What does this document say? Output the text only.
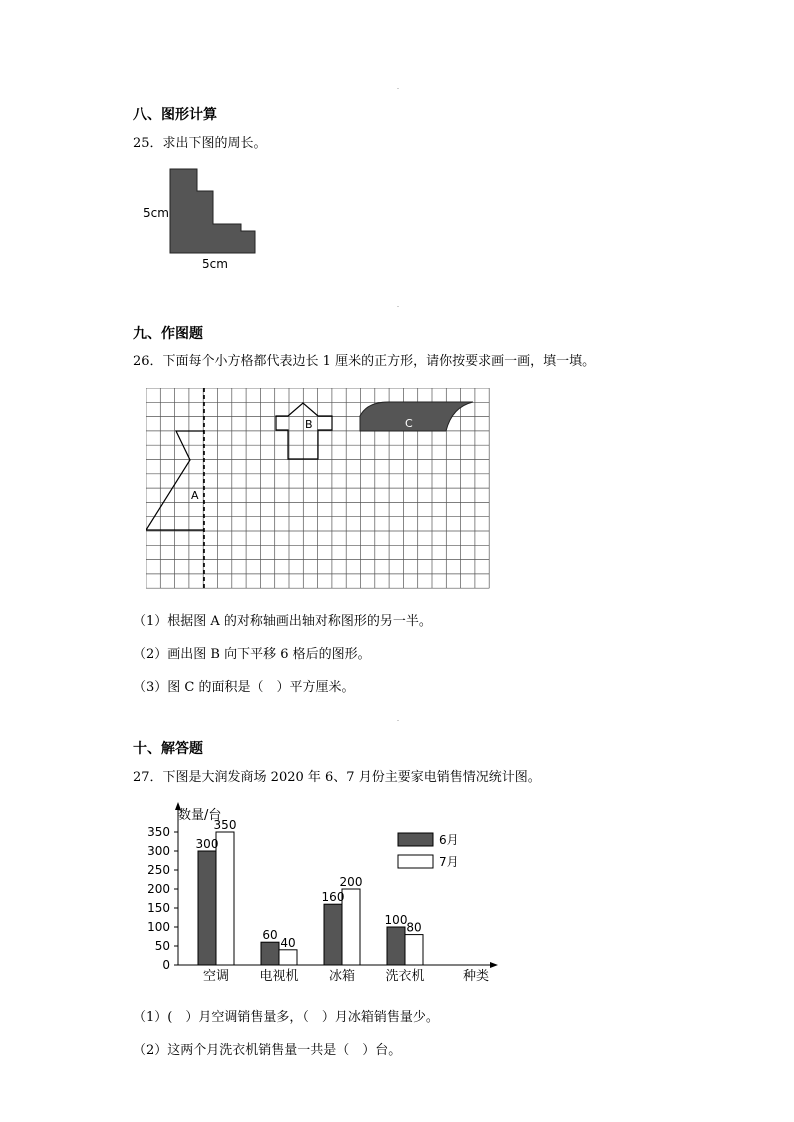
八、图形计算
25．求出下图的周长。
5cm
5cm
九、作图题
26．下面每个小方格都代表边长 1 厘米的正方形，请你按要求画一画，填一填。
A
B	C
（1）根据图 A 的对称轴画出轴对称图形的另一半。
（2）画出图 B 向下平移 6 格后的图形。
（3）图 C 的面积是（　）平方厘米。
十、解答题
27．下图是大润发商场 2020 年 6、7 月份主要家电销售情况统计图。
数量/台
种类
0
50
100
150
200
250
300
350
300
350
60
40
160
200
100
80
空调 电视机 冰箱 洗衣机
6月
7月
（1）(　）月空调销售量多，（　）月冰箱销售量少。
（2）这两个月洗衣机销售量一共是（　）台。
